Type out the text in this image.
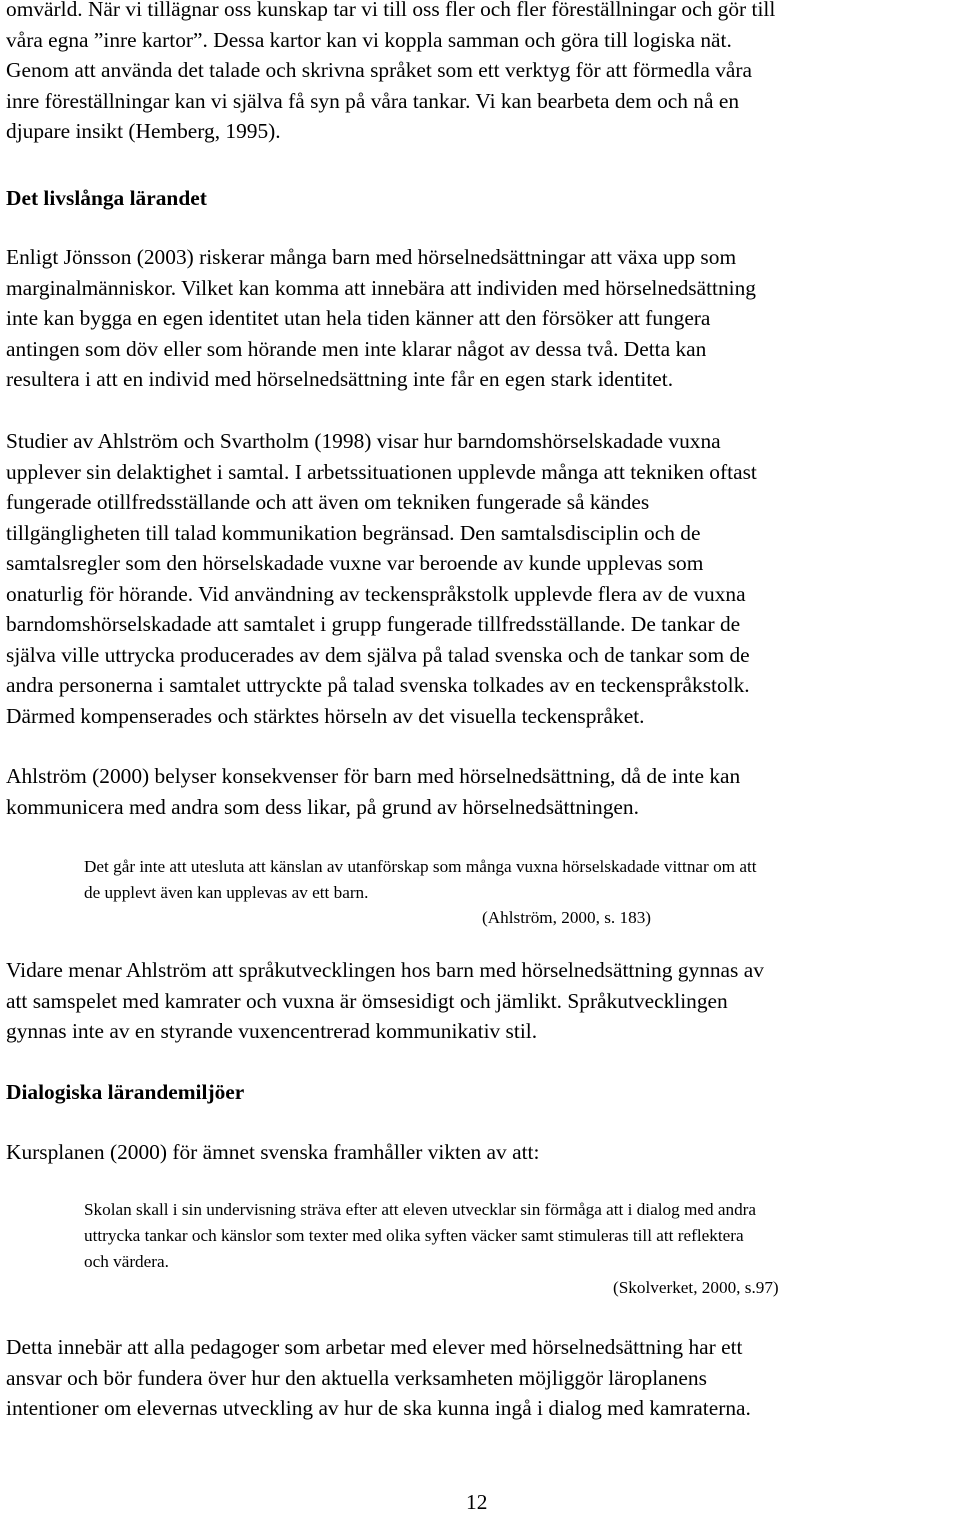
omvärld. När vi tillägnar oss kunskap tar vi till oss fler och fler föreställningar och gör till
våra egna ”inre kartor”. Dessa kartor kan vi koppla samman och göra till logiska nät.
Genom att använda det talade och skrivna språket som ett verktyg för att förmedla våra
inre föreställningar kan vi själva få syn på våra tankar. Vi kan bearbeta dem och nå en
djupare insikt (Hemberg, 1995).

Det livslånga lärandet

Enligt Jönsson (2003) riskerar många barn med hörselnedsättningar att växa upp som
marginalmänniskor. Vilket kan komma att innebära att individen med hörselnedsättning
inte kan bygga en egen identitet utan hela tiden känner att den försöker att fungera
antingen som döv eller som hörande men inte klarar något av dessa två. Detta kan
resultera i att en individ med hörselnedsättning inte får en egen stark identitet.

Studier av Ahlström och Svartholm (1998) visar hur barndomshörselskadade vuxna
upplever sin delaktighet i samtal. I arbetssituationen upplevde många att tekniken oftast
fungerade otillfredsställande och att även om tekniken fungerade så kändes
tillgängligheten till talad kommunikation begränsad. Den samtalsdisciplin och de
samtalsregler som den hörselskadade vuxne var beroende av kunde upplevas som
onaturlig för hörande. Vid användning av teckenspråkstolk upplevde flera av de vuxna
barndomshörselskadade att samtalet i grupp fungerade tillfredsställande. De tankar de
själva ville uttrycka producerades av dem själva på talad svenska och de tankar som de
andra personerna i samtalet uttryckte på talad svenska tolkades av en teckenspråkstolk.
Därmed kompenserades och stärktes hörseln av det visuella teckenspråket.

Ahlström (2000) belyser konsekvenser för barn med hörselnedsättning, då de inte kan
kommunicera med andra som dess likar, på grund av hörselnedsättningen.

Det går inte att utesluta att känslan av utanförskap som många vuxna hörselskadade vittnar om att
de upplevt även kan upplevas av ett barn.

(Ahlström, 2000, s. 183)

Vidare menar Ahlström att språkutvecklingen hos barn med hörselnedsättning gynnas av
att samspelet med kamrater och vuxna är ömsesidigt och jämlikt. Språkutvecklingen
gynnas inte av en styrande vuxencentrerad kommunikativ stil.

Dialogiska lärandemiljöer

Kursplanen (2000) för ämnet svenska framhåller vikten av att:

Skolan skall i sin undervisning sträva efter att eleven utvecklar sin förmåga att i dialog med andra
uttrycka tankar och känslor som texter med olika syften väcker samt stimuleras till att reflektera
och värdera.

(Skolverket, 2000, s.97)

Detta innebär att alla pedagoger som arbetar med elever med hörselnedsättning har ett
ansvar och bör fundera över hur den aktuella verksamheten möjliggör läroplanens
intentioner om elevernas utveckling av hur de ska kunna ingå i dialog med kamraterna.

12
